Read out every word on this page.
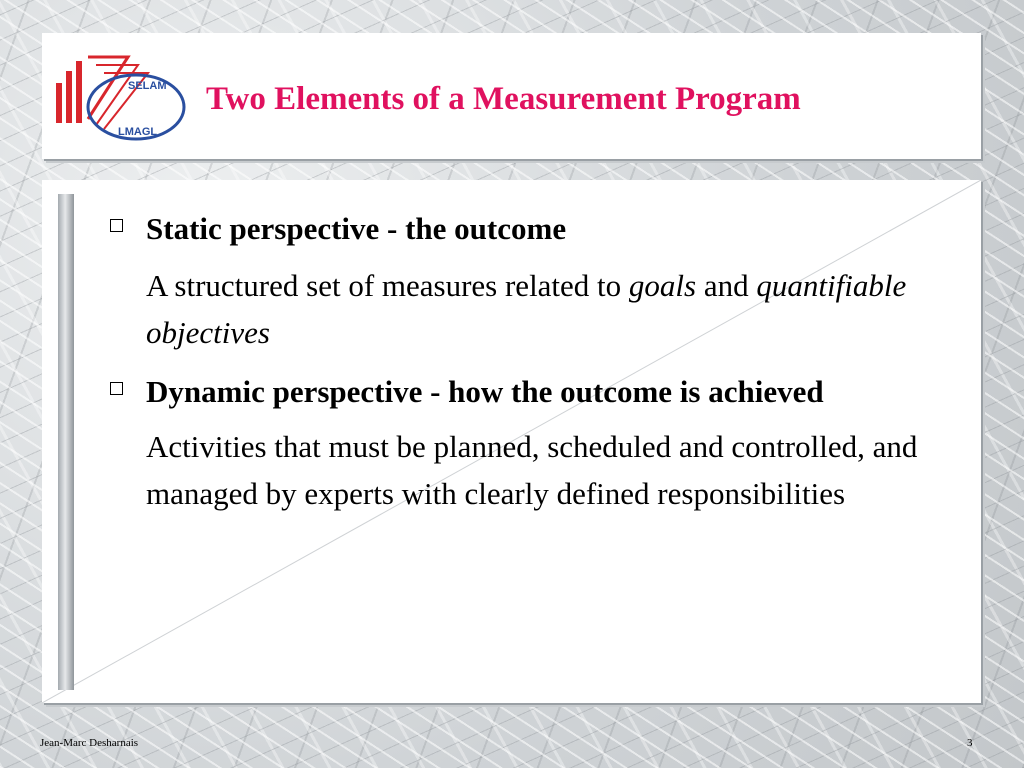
SELAM
LMAGL
Two Elements of a Measurement Program
Static perspective - the outcome
A structured set of measures related to goals and quantifiable objectives
Dynamic perspective - how the outcome is achieved
Activities that must be planned, scheduled and controlled, and managed by experts with clearly defined responsibilities
Jean-Marc Desharnais	3
